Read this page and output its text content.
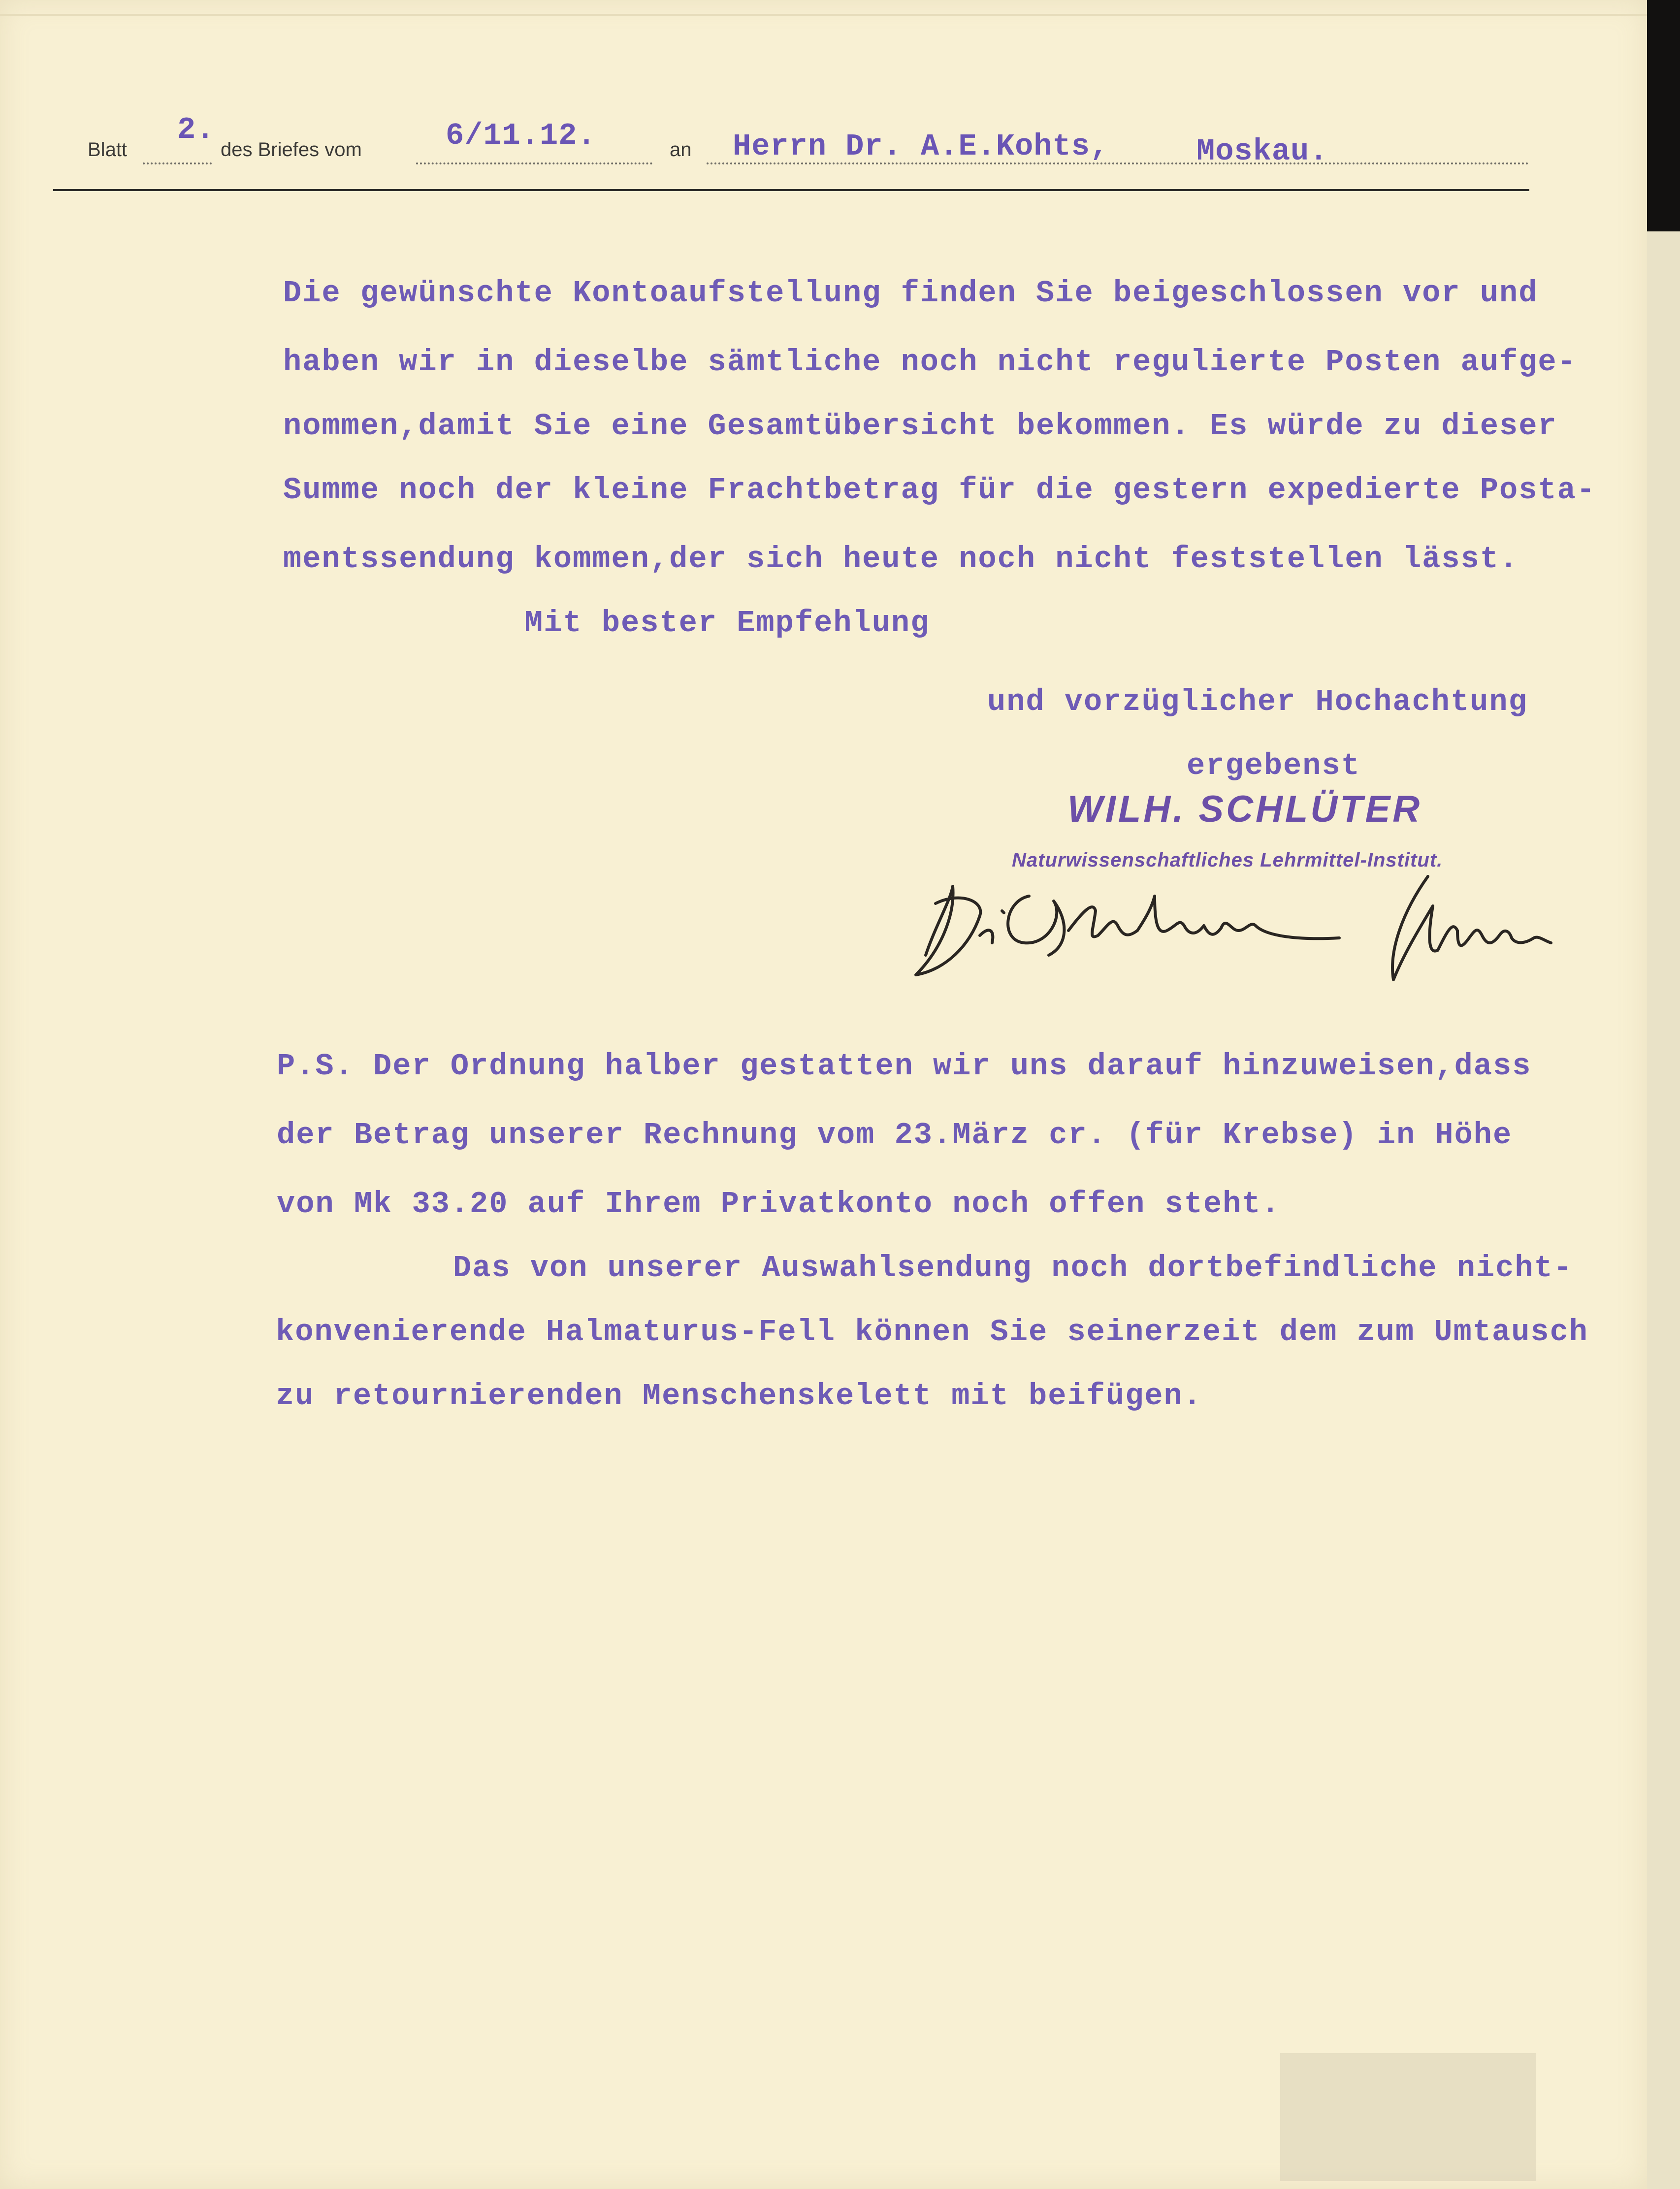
Blatt
2.
des Briefes vom	6/11.12.	an Herrn Dr. A.E.Kohts,	Moskau.
Die gewünschte Kontoaufstellung finden Sie beigeschlossen vor und
haben wir in dieselbe sämtliche noch nicht regulierte Posten aufge-
nommen,damit Sie eine Gesamtübersicht bekommen. Es würde zu dieser
Summe noch der kleine Frachtbetrag für die gestern expedierte Posta-
mentssendung kommen,der sich heute noch nicht feststellen lässt.
Mit bester Empfehlung
und vorzüglicher Hochachtung
ergebenst
WILH. SCHLÜTER
Naturwissenschaftliches Lehrmittel-Institut.
P.S. Der Ordnung halber gestatten wir uns darauf hinzuweisen,dass
der Betrag unserer Rechnung vom 23.März cr. (für Krebse) in Höhe
von Mk 33.20 auf Ihrem Privatkonto noch offen steht.
Das von unserer Auswahlsendung noch dortbefindliche nicht-
konvenierende Halmaturus-Fell können Sie seinerzeit dem zum Umtausch
zu retournierenden Menschenskelett mit beifügen.
